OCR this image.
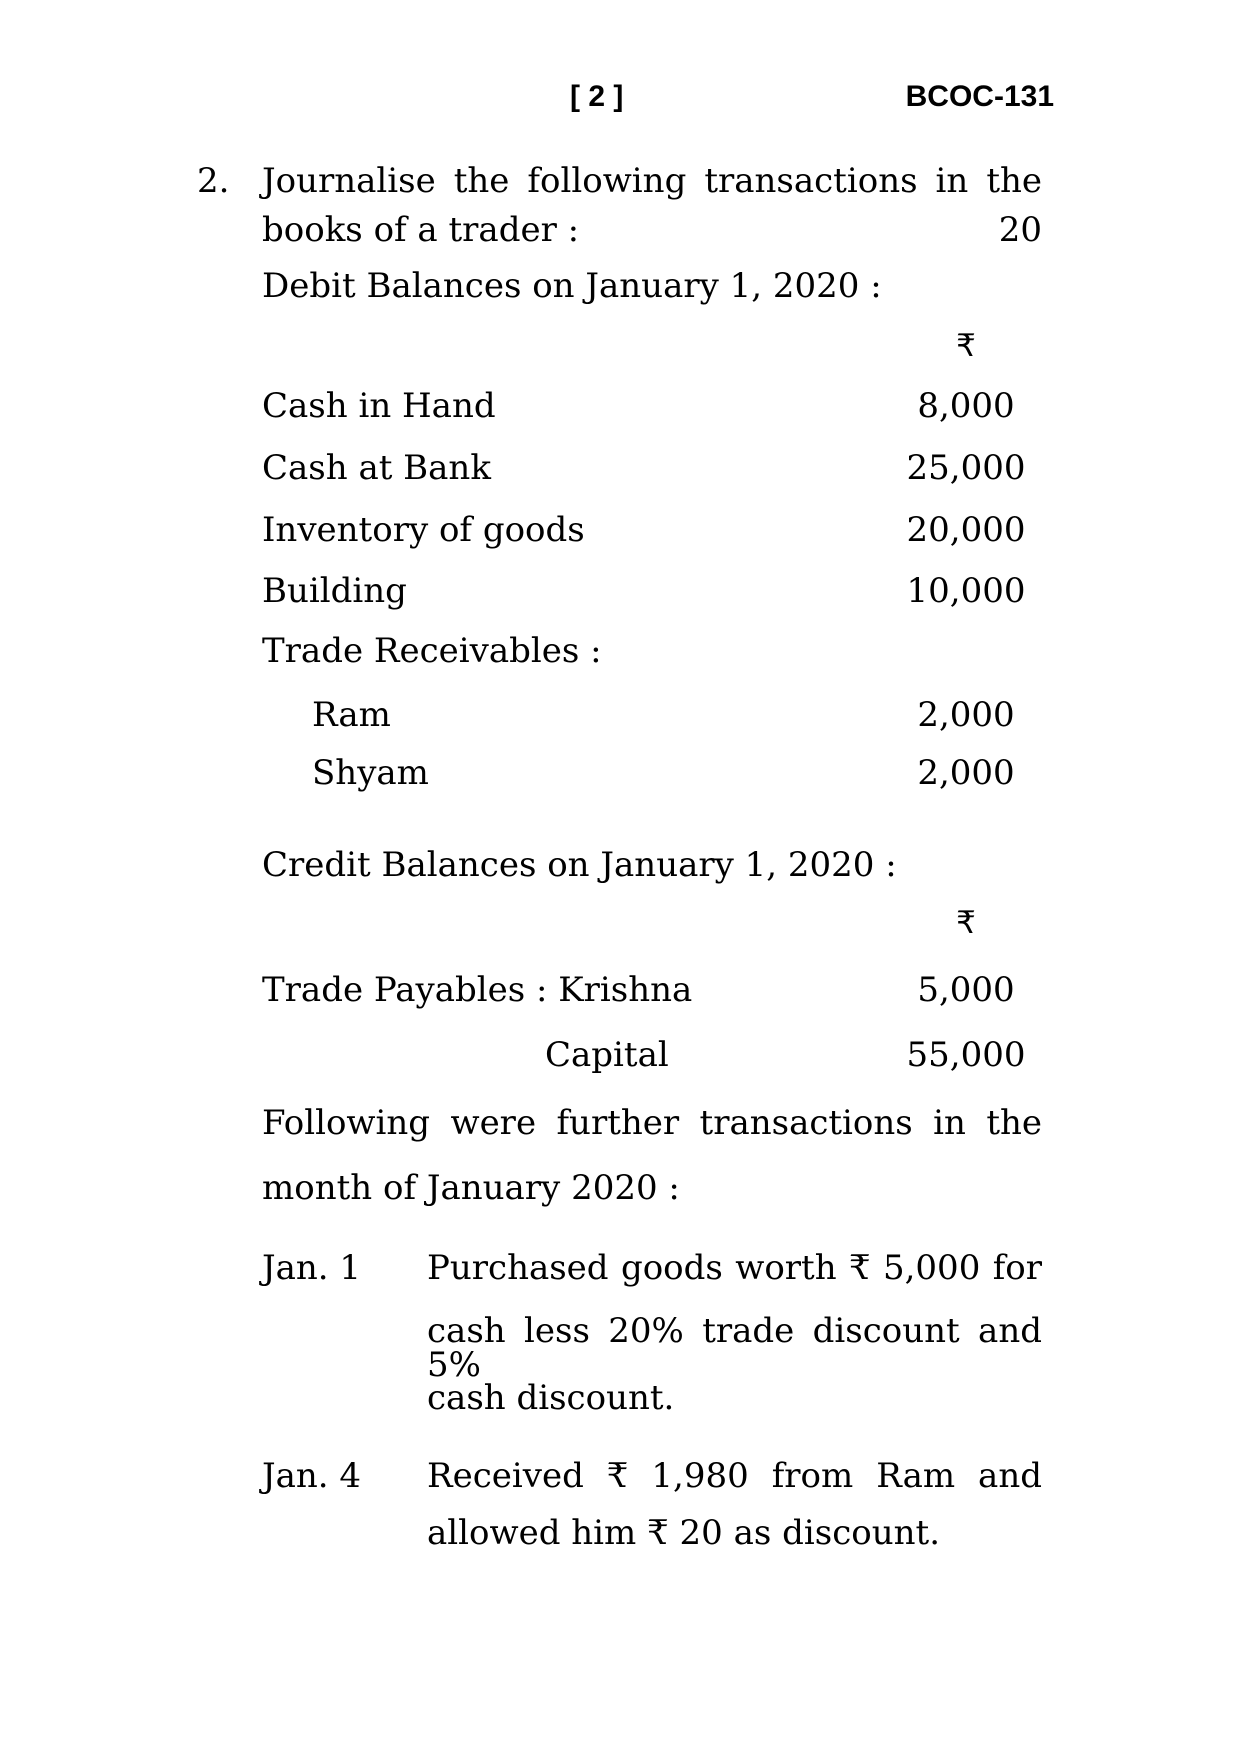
[ 2 ]	BCOC-131
2. Journalise the following transactions in the
books of a trader :	20
Debit Balances on January 1, 2020 :
₹
Cash in Hand	8,000
Cash at Bank	25,000
Inventory of goods	20,000
Building	10,000
Trade Receivables :
Ram	2,000
Shyam	2,000
Credit Balances on January 1, 2020 :
₹
Trade Payables : Krishna	5,000
Capital	55,000
Following were further transactions in the
month of January 2020 :
Jan. 1 Purchased goods worth ₹ 5,000 for
cash less 20% trade discount and 5%
cash discount.
Jan. 4 Received ₹ 1,980 from Ram and
allowed him ₹ 20 as discount.
